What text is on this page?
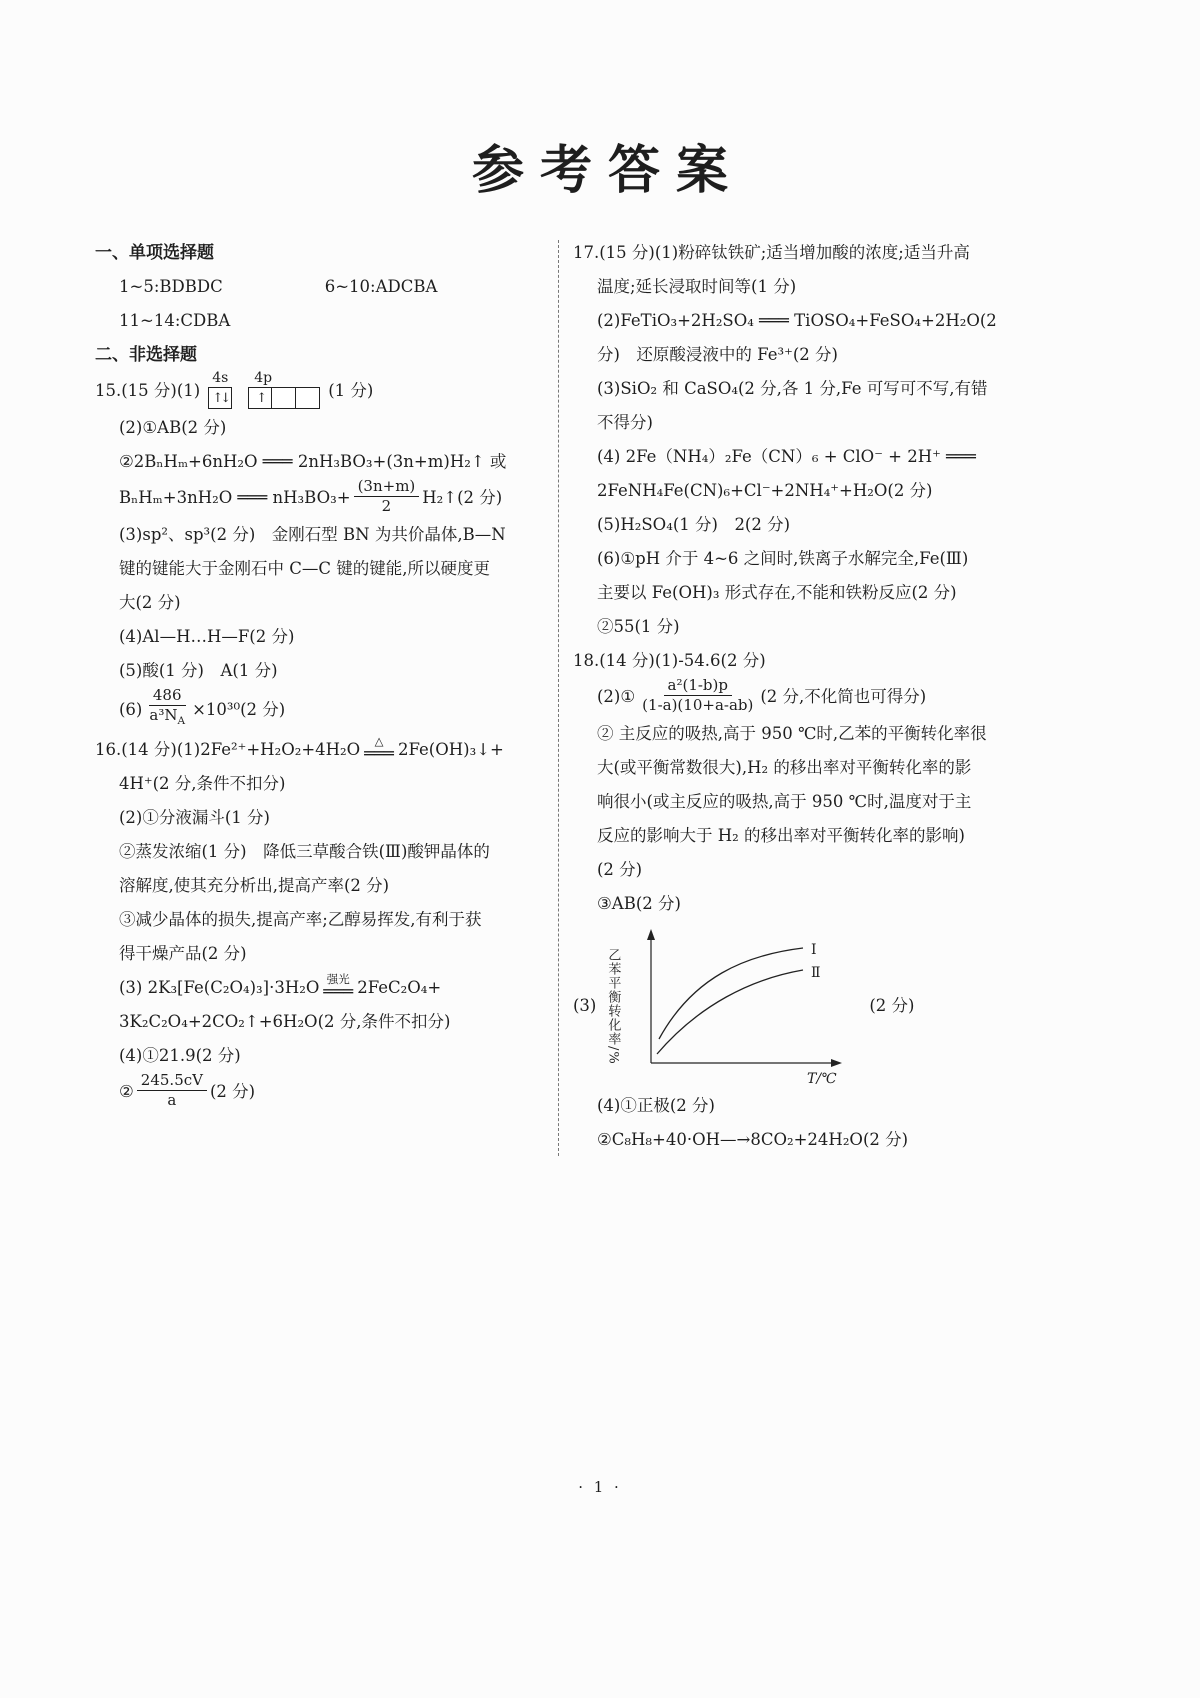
参考答案
一、单项选择题
1~5:BDBDC	6~10:ADCBA
11~14:CDBA
二、非选择题
15.(15 分)(1)
4s
↑↓
4p
↑	(1 分)
(2)①AB(2 分)
②2BₙHₘ+6nH₂O ═══ 2nH₃BO₃+(3n+m)H₂↑ 或
BₙHₘ+3nH₂O ═══ $nH_3BO_3+ \frac{(3n+m)}{2}$ H₂↑(2 分)
(3)sp²、sp³(2 分)　金刚石型 BN 为共价晶体,B—N
键的键能大于金刚石中 C—C 键的键能,所以硬度更
大(2 分)
(4)Al—H…H—F(2 分)
(5)酸(1 分)　A(1 分)
$(6) \frac{486}{a^3N_A} \times 10^{30}(2$ 分)
16.(14 分)(1)2Fe²⁺+H₂O₂+4H₂O △
═══ 2Fe(OH)₃↓+
4H⁺(2 分,条件不扣分)
(2)①分液漏斗(1 分)
②蒸发浓缩(1 分)　降低三草酸合铁(Ⅲ)酸钾晶体的
溶解度,使其充分析出,提高产率(2 分)
③减少晶体的损失,提高产率;乙醇易挥发,有利于获
得干燥产品(2 分)
(3) 2K₃[Fe(C₂O₄)₃]·3H₂O 强光
═══ 2FeC₂O₄+
3K₂C₂O₄+2CO₂↑+6H₂O(2 分,条件不扣分)
(4)①21.9(2 分)
② $\frac{245.5cV}{a} (2$ 分)
17.(15 分)(1)粉碎钛铁矿;适当增加酸的浓度;适当升高
温度;延长浸取时间等(1 分)
(2)FeTiO₃+2H₂SO₄ ═══ TiOSO₄+FeSO₄+2H₂O(2
分)　还原酸浸液中的 Fe³⁺(2 分)
(3)SiO₂ 和 CaSO₄(2 分,各 1 分,Fe 可写可不写,有错
不得分)
(4) 2Fe（NH₄）₂Fe（CN）₆ + ClO⁻ + 2H⁺ ═══
2FeNH₄Fe(CN)₆+Cl⁻+2NH₄⁺+H₂O(2 分)
(5)H₂SO₄(1 分)　2(2 分)
(6)①pH 介于 4~6 之间时,铁离子水解完全,Fe(Ⅲ)
主要以 Fe(OH)₃ 形式存在,不能和铁粉反应(2 分)
②55(1 分)
18.(14 分)(1)-54.6(2 分)
(2)① $\frac{\text{a²(1-b)p}}{(1-a)(10+a-ab)} (2$ 分,不化简也可得分)
② 主反应的吸热,高于 950 ℃时,乙苯的平衡转化率很
大(或平衡常数很大),H₂ 的移出率对平衡转化率的影
响很小(或主反应的吸热,高于 950 ℃时,温度对于主
反应的影响大于 H₂ 的移出率对平衡转化率的影响)
(2 分)
③AB(2 分)
(3) 乙苯平衡转化率/%	Ⅰ
Ⅱ
T/℃
(2 分)
(4)①正极(2 分)
②C₈H₈+40·OH—→8CO₂+24H₂O(2 分)
· 1 ·
